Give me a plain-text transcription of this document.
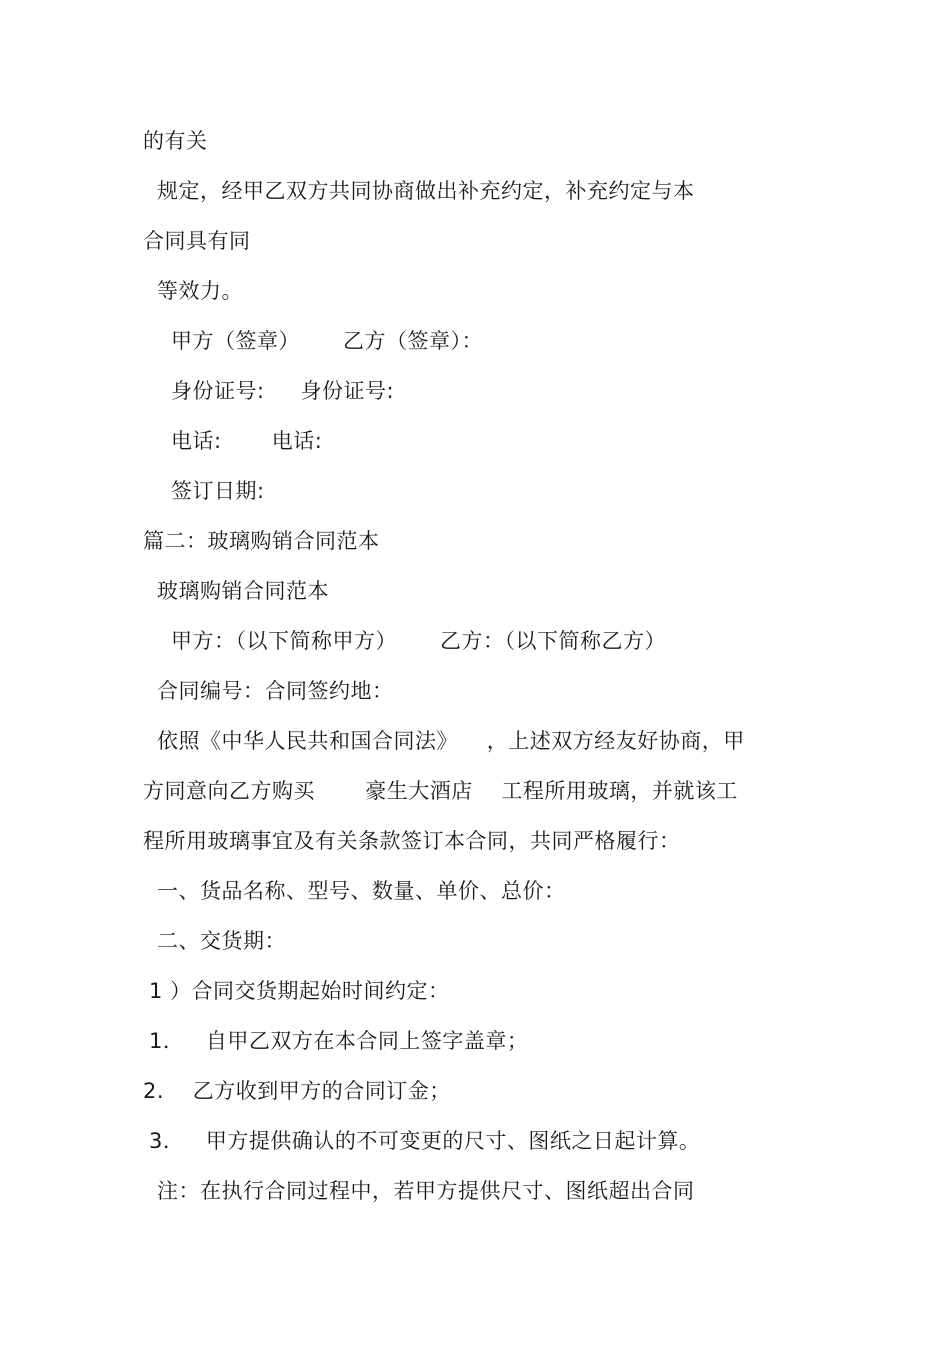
的有关
规定，经甲乙双方共同协商做出补充约定，补充约定与本
合同具有同
等效力。
甲方（签章）      乙方（签章）：
身份证号:     身份证号:
电话:       电话:
签订日期:
篇二：玻璃购销合同范本
玻璃购销合同范本
甲方：（以下简称甲方）      乙方：（以下简称乙方）
合同编号：合同签约地：
依照《中华人民共和国合同法》    ，上述双方经友好协商，甲
方同意向乙方购买       豪生大酒店    工程所用玻璃，并就该工
程所用玻璃事宜及有关条款签订本合同，共同严格履行：
一、货品名称、型号、数量、单价、总价：
二、交货期：
1 ）合同交货期起始时间约定：
1．   自甲乙双方在本合同上签字盖章；
2.    乙方收到甲方的合同订金；
3．   甲方提供确认的不可变更的尺寸、图纸之日起计算。
注：在执行合同过程中，若甲方提供尺寸、图纸超出合同
